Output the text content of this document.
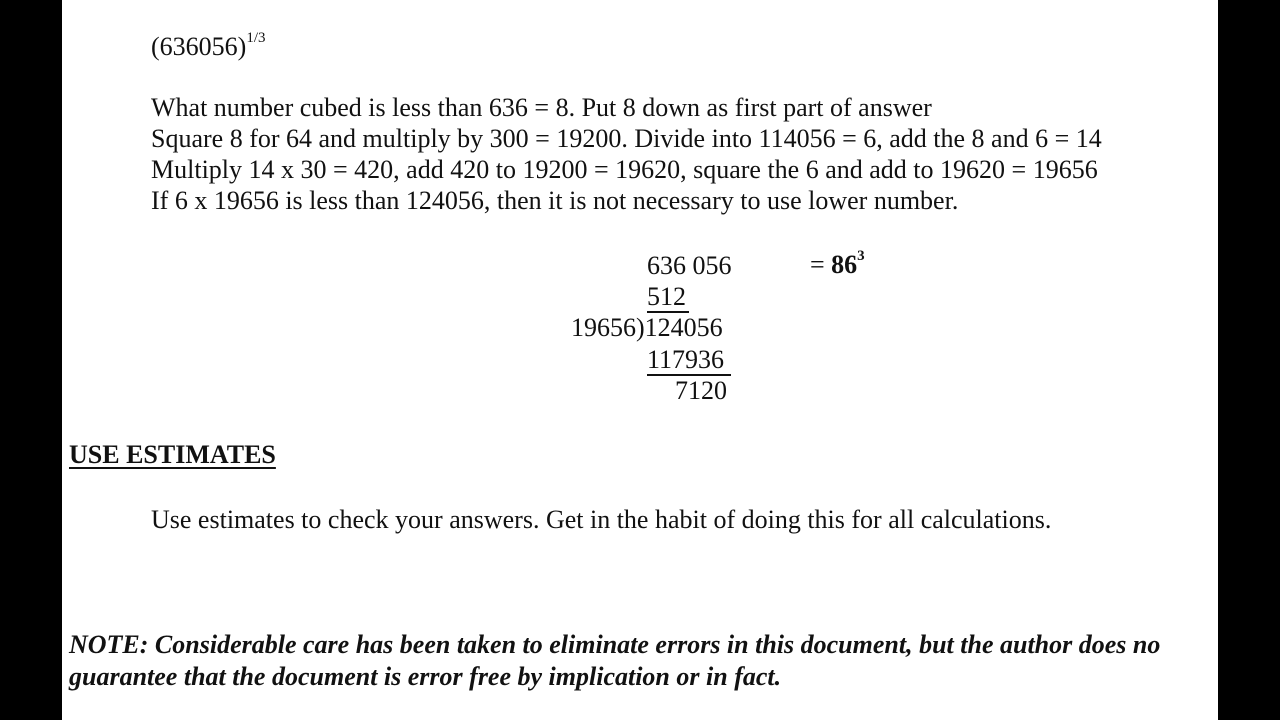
$(636056)^{1/3}$
What number cubed is less than 636 = 8. Put 8 down as first part of answer
Square 8 for 64 and multiply by 300 = 19200. Divide into 114056 = 6, add the 8 and 6 = 14
Multiply 14 x 30 = 420, add 420 to 19200 = 19620, square the 6 and add to 19620 = 19656
If 6 x 19656 is less than 124056, then it is not necessary to use lower number.
636 056	= $86^3$
512
19656)124056
117936
7120
USE ESTIMATES
Use estimates to check your answers. Get in the habit of doing this for all calculations.
NOTE: Considerable care has been taken to eliminate errors in this document, but the author does no
guarantee that the document is error free by implication or in fact.
